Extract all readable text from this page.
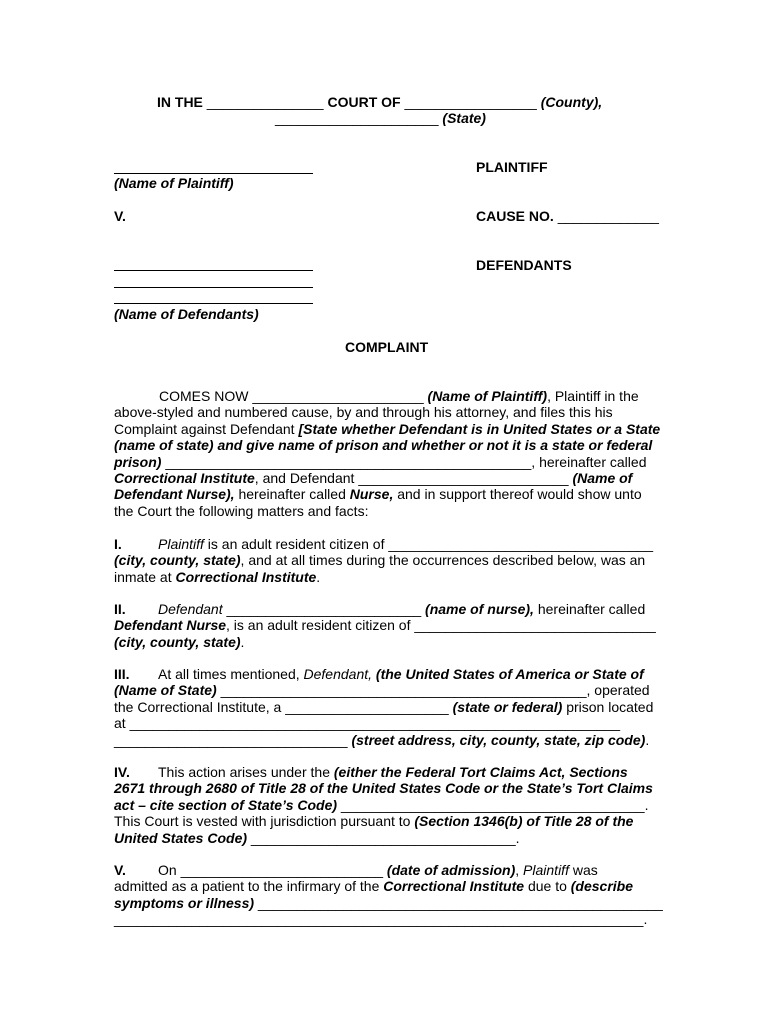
IN THE _______________ COURT OF _________________ (County),
_____________________ (State)
(Name of Plaintiff)
PLAINTIFF
V.	CAUSE NO. _____________
DEFENDANTS
(Name of Defendants)
COMPLAINT
COMES NOW ______________________ (Name of Plaintiff), Plaintiff in the
above-styled and numbered cause, by and through his attorney, and files this his
Complaint against Defendant [State whether Defendant is in United States or a State
(name of state) and give name of prison and whether or not it is a state or federal
prison) _______________________________________________, hereinafter called
Correctional Institute, and Defendant ___________________________ (Name of
Defendant Nurse), hereinafter called Nurse, and in support thereof would show unto
the Court the following matters and facts:
I.	Plaintiff is an adult resident citizen of __________________________________
(city, county, state), and at all times during the occurrences described below, was an
inmate at Correctional Institute.
II. Defendant _________________________ (name of nurse), hereinafter called
Defendant Nurse, is an adult resident citizen of _______________________________
(city, county, state).
III. At all times mentioned, Defendant, (the United States of America or State of
(Name of State) _______________________________________________, operated
the Correctional Institute, a _____________________ (state or federal) prison located
at _______________________________________________________________
______________________________ (street address, city, county, state, zip code).
IV. This action arises under the (either the Federal Tort Claims Act, Sections
2671 through 2680 of Title 28 of the United States Code or the State’s Tort Claims
act – cite section of State’s Code) _______________________________________.
This Court is vested with jurisdiction pursuant to (Section 1346(b) of Title 28 of the
United States Code) __________________________________.
V. On __________________________ (date of admission), Plaintiff was
admitted as a patient to the infirmary of the Correctional Institute due to (describe
symptoms or illness) ____________________________________________________
____________________________________________________________________.
